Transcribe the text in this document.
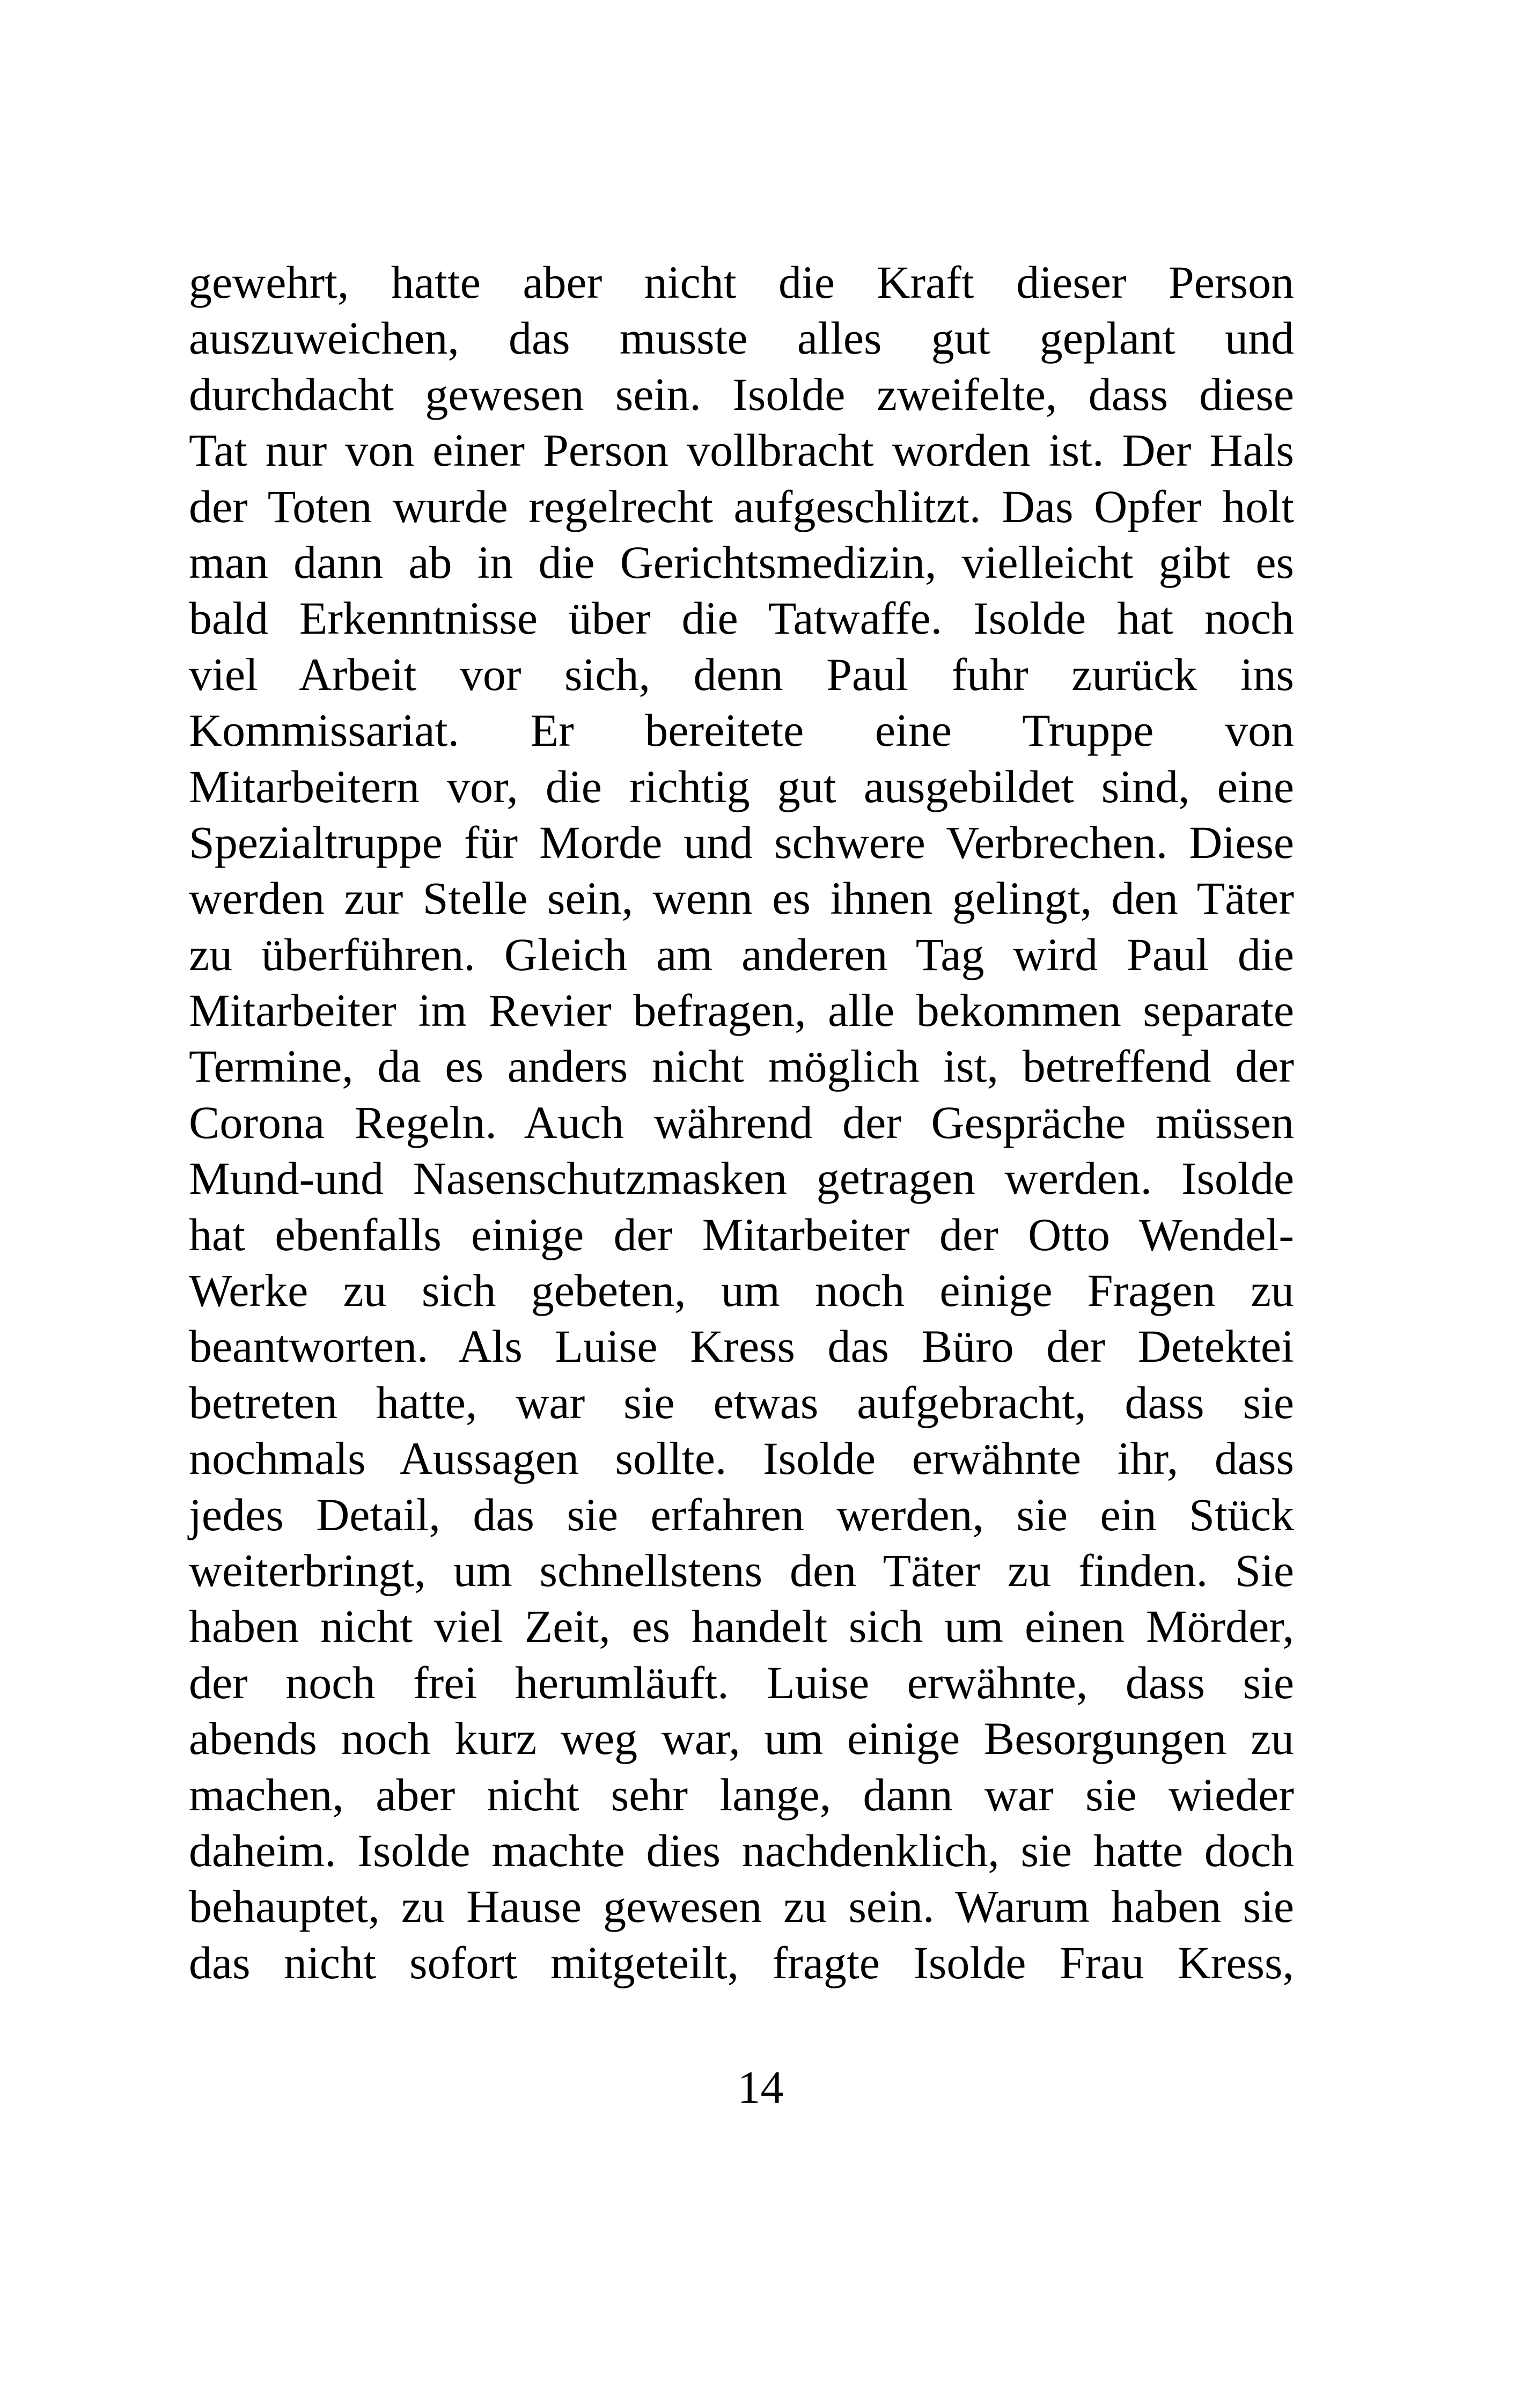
gewehrt, hatte aber nicht die Kraft dieser Person
auszuweichen, das musste alles gut geplant und
durchdacht gewesen sein. Isolde zweifelte, dass diese
Tat nur von einer Person vollbracht worden ist. Der Hals
der Toten wurde regelrecht aufgeschlitzt. Das Opfer holt
man dann ab in die Gerichtsmedizin, vielleicht gibt es
bald Erkenntnisse über die Tatwaffe. Isolde hat noch
viel Arbeit vor sich, denn Paul fuhr zurück ins
Kommissariat. Er bereitete eine Truppe von
Mitarbeitern vor, die richtig gut ausgebildet sind, eine
Spezialtruppe für Morde und schwere Verbrechen. Diese
werden zur Stelle sein, wenn es ihnen gelingt, den Täter
zu überführen. Gleich am anderen Tag wird Paul die
Mitarbeiter im Revier befragen, alle bekommen separate
Termine, da es anders nicht möglich ist, betreffend der
Corona Regeln. Auch während der Gespräche müssen
Mund-und Nasenschutzmasken getragen werden. Isolde
hat ebenfalls einige der Mitarbeiter der Otto Wendel-
Werke zu sich gebeten, um noch einige Fragen zu
beantworten. Als Luise Kress das Büro der Detektei
betreten hatte, war sie etwas aufgebracht, dass sie
nochmals Aussagen sollte. Isolde erwähnte ihr, dass
jedes Detail, das sie erfahren werden, sie ein Stück
weiterbringt, um schnellstens den Täter zu finden. Sie
haben nicht viel Zeit, es handelt sich um einen Mörder,
der noch frei herumläuft. Luise erwähnte, dass sie
abends noch kurz weg war, um einige Besorgungen zu
machen, aber nicht sehr lange, dann war sie wieder
daheim. Isolde machte dies nachdenklich, sie hatte doch
behauptet, zu Hause gewesen zu sein. Warum haben sie
das nicht sofort mitgeteilt, fragte Isolde Frau Kress,
14
